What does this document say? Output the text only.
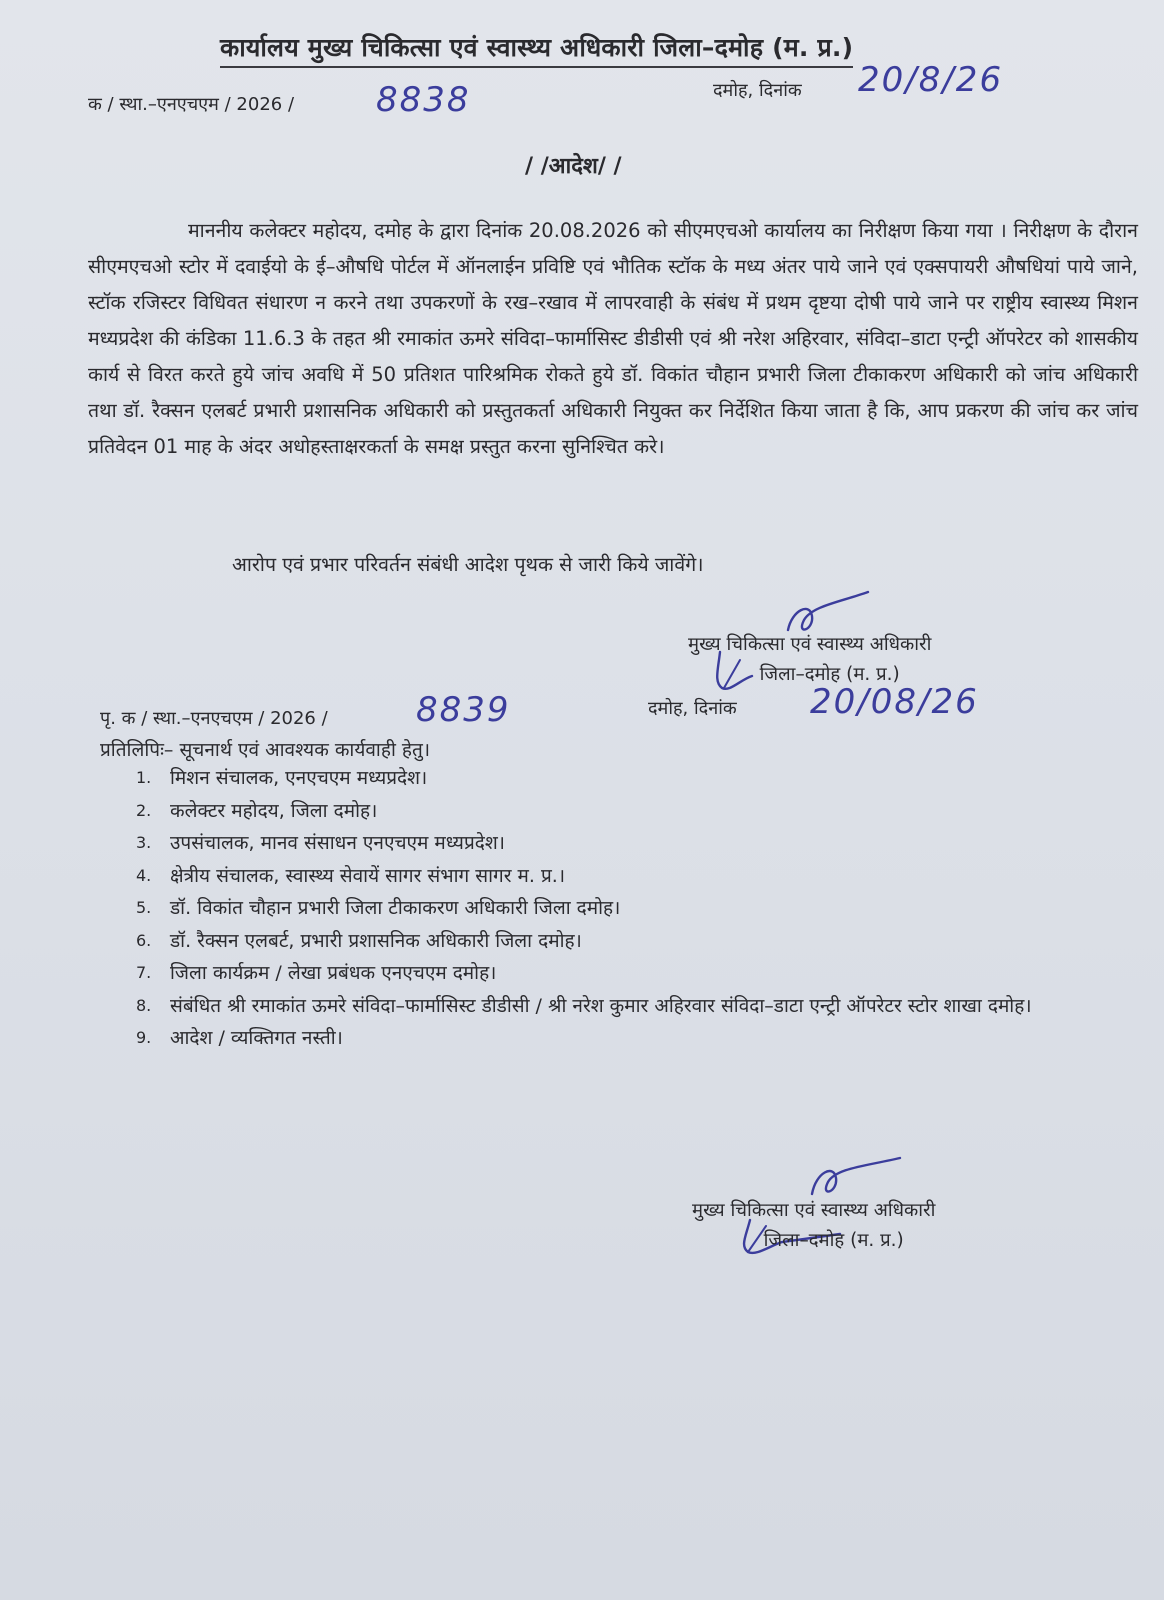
कार्यालय मुख्य चिकित्सा एवं स्वास्थ्य अधिकारी जिला–दमोह (म. प्र.)
क / स्था.–एनएचएम / 2026 / 8838	दमोह, दिनांक 20/8/26
/ /आदेश/ /
माननीय कलेक्टर महोदय, दमोह के द्वारा दिनांक 20.08.2026 को सीएमएचओ कार्यालय का निरीक्षण किया गया । निरीक्षण के दौरान सीएमएचओ स्टोर में दवाईयो के ई–औषधि पोर्टल में ऑनलाईन प्रविष्टि एवं भौतिक स्टॉक के मध्य अंतर पाये जाने एवं एक्सपायरी औषधियां पाये जाने, स्टॉक रजिस्टर विधिवत संधारण न करने तथा उपकरणों के रख–रखाव में लापरवाही के संबंध में प्रथम दृष्टया दोषी पाये जाने पर राष्ट्रीय स्वास्थ्य मिशन मध्यप्रदेश की कंडिका 11.6.3 के तहत श्री रमाकांत ऊमरे संविदा–फार्मासिस्ट डीडीसी एवं श्री नरेश अहिरवार, संविदा–डाटा एन्ट्री ऑपरेटर को शासकीय कार्य से विरत करते हुये जांच अवधि में 50 प्रतिशत पारिश्रमिक रोकते हुये डॉ. विकांत चौहान प्रभारी जिला टीकाकरण अधिकारी को जांच अधिकारी तथा डॉ. रैक्सन एलबर्ट प्रभारी प्रशासनिक अधिकारी को प्रस्तुतकर्ता अधिकारी नियुक्त कर निर्देशित किया जाता है कि, आप प्रकरण की जांच कर जांच प्रतिवेदन 01 माह के अंदर अधोहस्ताक्षरकर्ता के समक्ष प्रस्तुत करना सुनिश्चित करे।
आरोप एवं प्रभार परिवर्तन संबंधी आदेश पृथक से जारी किये जावेंगे।
मुख्य चिकित्सा एवं स्वास्थ्य अधिकारी
जिला–दमोह (म. प्र.)
पृ. क / स्था.–एनएचएम / 2026 /	8839	दमोह, दिनांक 20/08/26
प्रतिलिपिः– सूचनार्थ एवं आवश्यक कार्यवाही हेतु।
1. मिशन संचालक, एनएचएम मध्यप्रदेश।
2. कलेक्टर महोदय, जिला दमोह।
3. उपसंचालक, मानव संसाधन एनएचएम मध्यप्रदेश।
4. क्षेत्रीय संचालक, स्वास्थ्य सेवायें सागर संभाग सागर म. प्र.।
5. डॉ. विकांत चौहान प्रभारी जिला टीकाकरण अधिकारी जिला दमोह।
6. डॉ. रैक्सन एलबर्ट, प्रभारी प्रशासनिक अधिकारी जिला दमोह।
7. जिला कार्यक्रम / लेखा प्रबंधक एनएचएम दमोह।
8. संबंधित श्री रमाकांत ऊमरे संविदा–फार्मासिस्ट डीडीसी / श्री नरेश कुमार अहिरवार संविदा–डाटा एन्ट्री ऑपरेटर स्टोर शाखा दमोह।
9. आदेश / व्यक्तिगत नस्ती।
मुख्य चिकित्सा एवं स्वास्थ्य अधिकारी
जिला–दमोह (म. प्र.)
